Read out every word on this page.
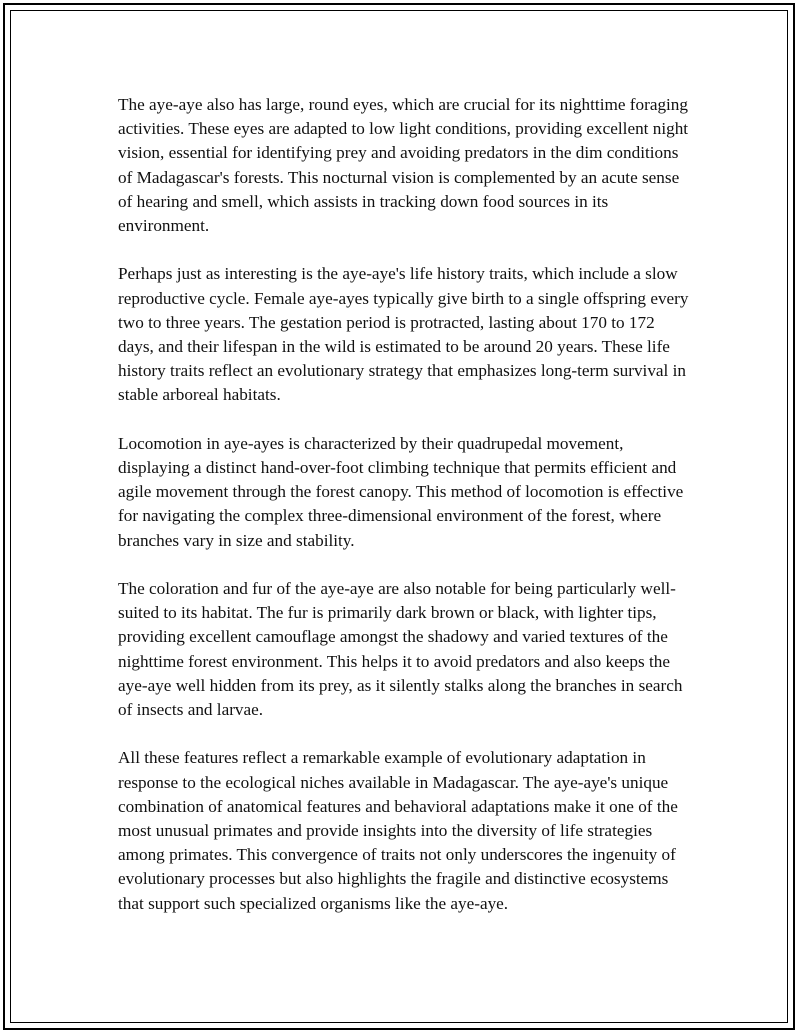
The aye-aye also has large, round eyes, which are crucial for its nighttime foraging activities. These eyes are adapted to low light conditions, providing excellent night vision, essential for identifying prey and avoiding predators in the dim conditions of Madagascar's forests. This nocturnal vision is complemented by an acute sense of hearing and smell, which assists in tracking down food sources in its environment.

Perhaps just as interesting is the aye-aye's life history traits, which include a slow reproductive cycle. Female aye-ayes typically give birth to a single offspring every two to three years. The gestation period is protracted, lasting about 170 to 172 days, and their lifespan in the wild is estimated to be around 20 years. These life history traits reflect an evolutionary strategy that emphasizes long-term survival in stable arboreal habitats.

Locomotion in aye-ayes is characterized by their quadrupedal movement, displaying a distinct hand-over-foot climbing technique that permits efficient and agile movement through the forest canopy. This method of locomotion is effective for navigating the complex three-dimensional environment of the forest, where branches vary in size and stability.

The coloration and fur of the aye-aye are also notable for being particularly well-suited to its habitat. The fur is primarily dark brown or black, with lighter tips, providing excellent camouflage amongst the shadowy and varied textures of the nighttime forest environment. This helps it to avoid predators and also keeps the aye-aye well hidden from its prey, as it silently stalks along the branches in search of insects and larvae.

All these features reflect a remarkable example of evolutionary adaptation in response to the ecological niches available in Madagascar. The aye-aye's unique combination of anatomical features and behavioral adaptations make it one of the most unusual primates and provide insights into the diversity of life strategies among primates. This convergence of traits not only underscores the ingenuity of evolutionary processes but also highlights the fragile and distinctive ecosystems that support such specialized organisms like the aye-aye.
